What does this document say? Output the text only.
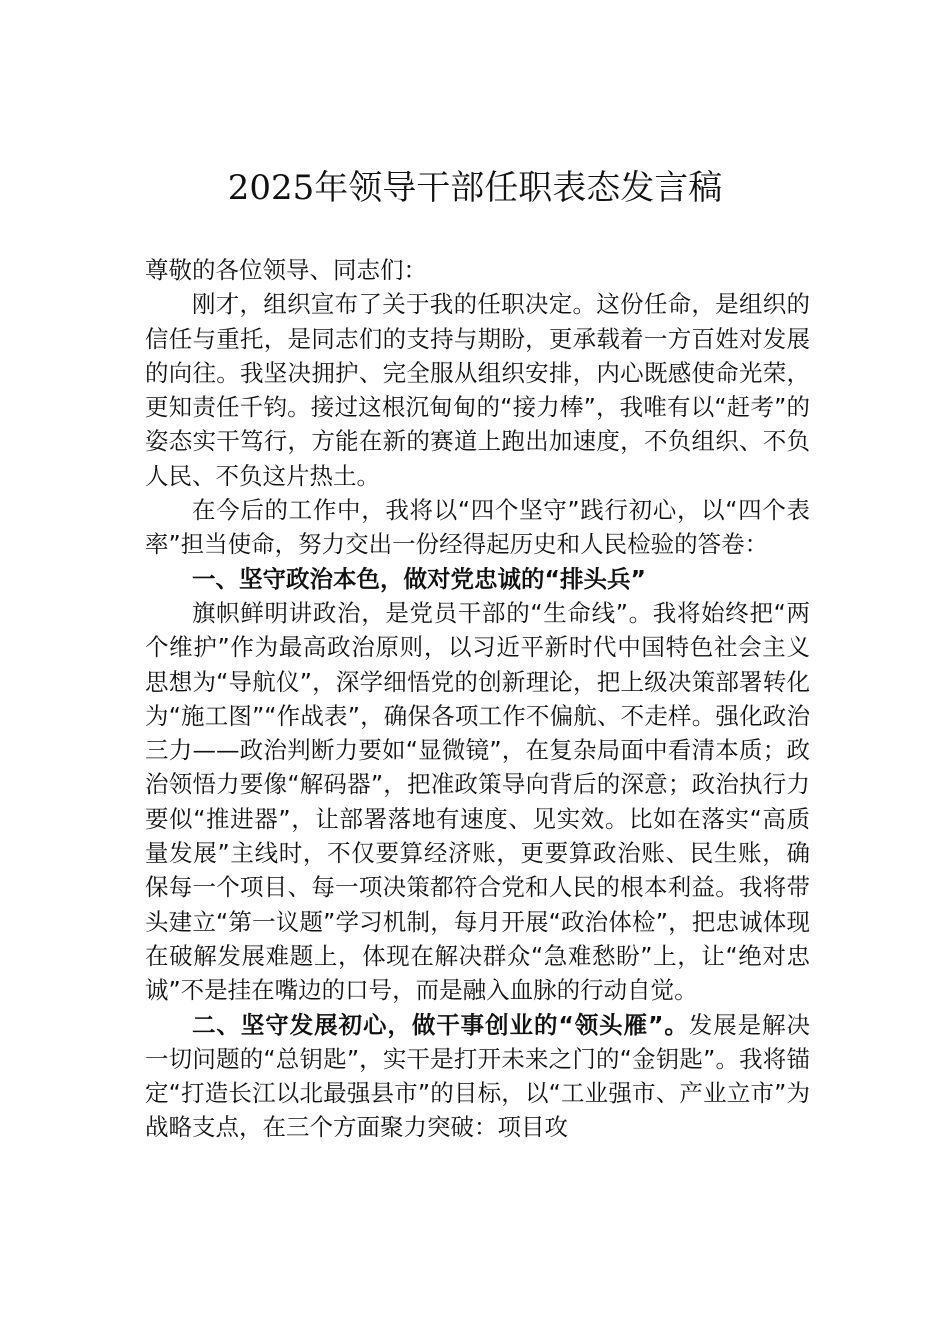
2025年领导干部任职表态发言稿

尊敬的各位领导、同志们：

刚才，组织宣布了关于我的任职决定。这份任命，是组织的信任与重托，是同志们的支持与期盼，更承载着一方百姓对发展的向往。我坚决拥护、完全服从组织安排，内心既感使命光荣，更知责任千钧。接过这根沉甸甸的“接力棒”，我唯有以“赶考”的姿态实干笃行，方能在新的赛道上跑出加速度，不负组织、不负人民、不负这片热土。

在今后的工作中，我将以“四个坚守”践行初心，以“四个表率”担当使命，努力交出一份经得起历史和人民检验的答卷：

一、坚守政治本色，做对党忠诚的“排头兵”

旗帜鲜明讲政治，是党员干部的“生命线”。我将始终把“两个维护”作为最高政治原则，以习近平新时代中国特色社会主义思想为“导航仪”，深学细悟党的创新理论，把上级决策部署转化为“施工图”“作战表”，确保各项工作不偏航、不走样。强化政治三力——政治判断力要如“显微镜”，在复杂局面中看清本质；政治领悟力要像“解码器”，把准政策导向背后的深意；政治执行力要似“推进器”，让部署落地有速度、见实效。比如在落实“高质量发展”主线时，不仅要算经济账，更要算政治账、民生账，确保每一个项目、每一项决策都符合党和人民的根本利益。我将带头建立“第一议题”学习机制，每月开展“政治体检”，把忠诚体现在破解发展难题上，体现在解决群众“急难愁盼”上，让“绝对忠诚”不是挂在嘴边的口号，而是融入血脉的行动自觉。

二、坚守发展初心，做干事创业的“领头雁”。发展是解决一切问题的“总钥匙”，实干是打开未来之门的“金钥匙”。我将锚定“打造长江以北最强县市”的目标，以“工业强市、产业立市”为战略支点，在三个方面聚力突破：项目攻
